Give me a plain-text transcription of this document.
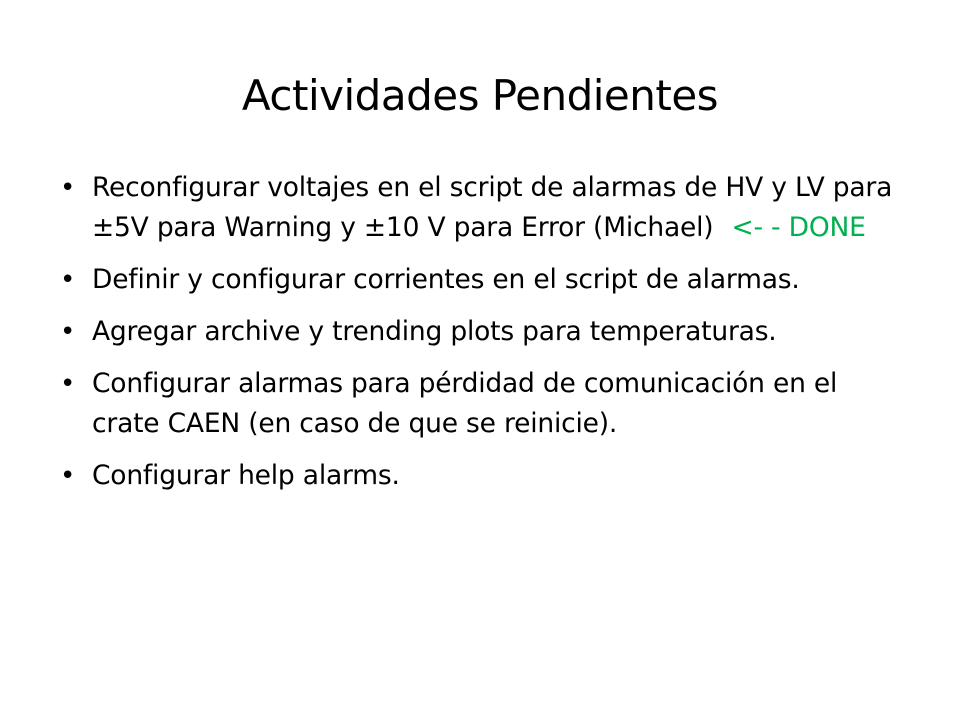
Actividades Pendientes
• Reconfigurar voltajes en el script de alarmas de HV y LV para ±5V para Warning y ±10 V para Error (Michael) <- - DONE
• Definir y configurar corrientes en el script de alarmas.
• Agregar archive y trending plots para temperaturas.
• Configurar alarmas para pérdidad de comunicación en el crate CAEN (en caso de que se reinicie).
• Configurar help alarms.
